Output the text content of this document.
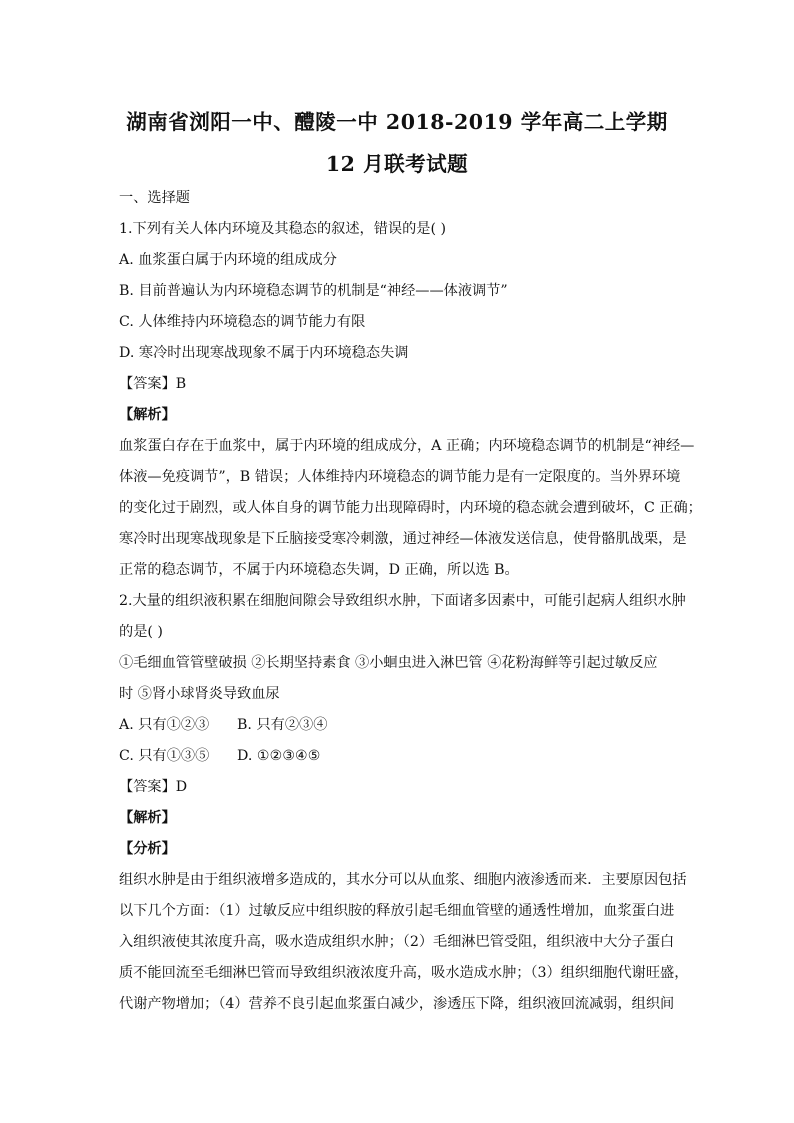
湖南省浏阳一中、醴陵一中 2018-2019 学年高二上学期
12 月联考试题
一、选择题
1.下列有关人体内环境及其稳态的叙述，错误的是( )
A. 血浆蛋白属于内环境的组成成分
B. 目前普遍认为内环境稳态调节的机制是“神经——体液调节”
C. 人体维持内环境稳态的调节能力有限
D. 寒冷时出现寒战现象不属于内环境稳态失调
【答案】B
【解析】
血浆蛋白存在于血浆中，属于内环境的组成成分，A 正确；内环境稳态调节的机制是“神经—
体液—免疫调节”，B 错误；人体维持内环境稳态的调节能力是有一定限度的。当外界环境
的变化过于剧烈，或人体自身的调节能力出现障碍时，内环境的稳态就会遭到破坏，C 正确；
寒冷时出现寒战现象是下丘脑接受寒冷刺激，通过神经—体液发送信息，使骨骼肌战栗，是
正常的稳态调节，不属于内环境稳态失调，D 正确，所以选 B。
2.大量的组织液积累在细胞间隙会导致组织水肿，下面诸多因素中，可能引起病人组织水肿
的是( )
①毛细血管管壁破损 ②长期坚持素食 ③小蛔虫进入淋巴管 ④花粉海鲜等引起过敏反应
时 ⑤肾小球肾炎导致血尿
A. 只有①②③ B. 只有②③④
C. 只有①③⑤ D. ①②③④⑤
【答案】D
【解析】
【分析】
组织水肿是由于组织液增多造成的，其水分可以从血浆、细胞内液渗透而来．主要原因包括
以下几个方面：（1）过敏反应中组织胺的释放引起毛细血管壁的通透性增加，血浆蛋白进
入组织液使其浓度升高，吸水造成组织水肿；（2）毛细淋巴管受阻，组织液中大分子蛋白
质不能回流至毛细淋巴管而导致组织液浓度升高，吸水造成水肿；（3）组织细胞代谢旺盛，
代谢产物增加；（4）营养不良引起血浆蛋白减少，渗透压下降，组织液回流减弱，组织间
